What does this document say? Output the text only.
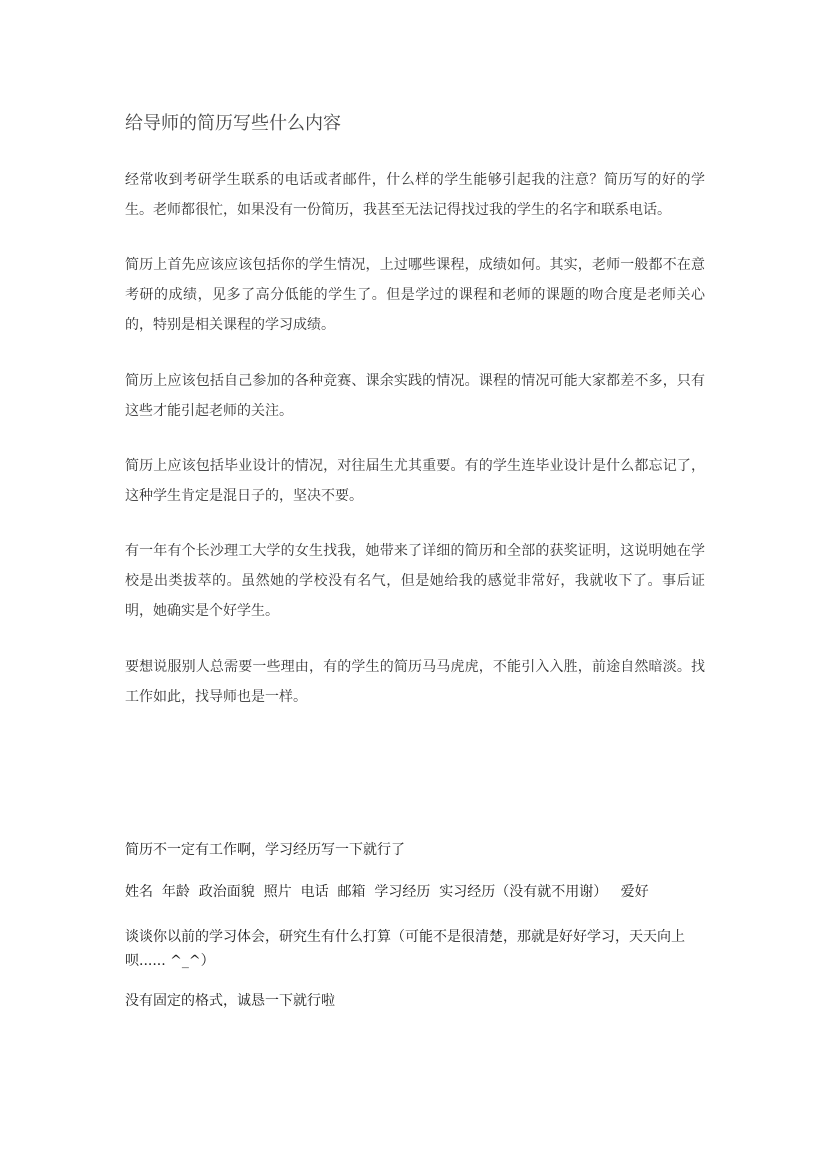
给导师的简历写些什么内容

经常收到考研学生联系的电话或者邮件，什么样的学生能够引起我的注意？简历写的好的学生。老师都很忙，如果没有一份简历，我甚至无法记得找过我的学生的名字和联系电话。

简历上首先应该应该包括你的学生情况，上过哪些课程，成绩如何。其实，老师一般都不在意考研的成绩，见多了高分低能的学生了。但是学过的课程和老师的课题的吻合度是老师关心的，特别是相关课程的学习成绩。

简历上应该包括自己参加的各种竞赛、课余实践的情况。课程的情况可能大家都差不多，只有这些才能引起老师的关注。

简历上应该包括毕业设计的情况，对往届生尤其重要。有的学生连毕业设计是什么都忘记了，这种学生肯定是混日子的，坚决不要。

有一年有个长沙理工大学的女生找我，她带来了详细的简历和全部的获奖证明，这说明她在学校是出类拔萃的。虽然她的学校没有名气，但是她给我的感觉非常好，我就收下了。事后证明，她确实是个好学生。

要想说服别人总需要一些理由，有的学生的简历马马虎虎，不能引入入胜，前途自然暗淡。找工作如此，找导师也是一样。

简历不一定有工作啊，学习经历写一下就行了

姓名  年龄  政治面貌  照片  电话  邮箱  学习经历  实习经历（没有就不用谢）   爱好

谈谈你以前的学习体会，研究生有什么打算（可能不是很清楚，那就是好好学习，天天向上呗...... ^_^）

没有固定的格式，诚恳一下就行啦
